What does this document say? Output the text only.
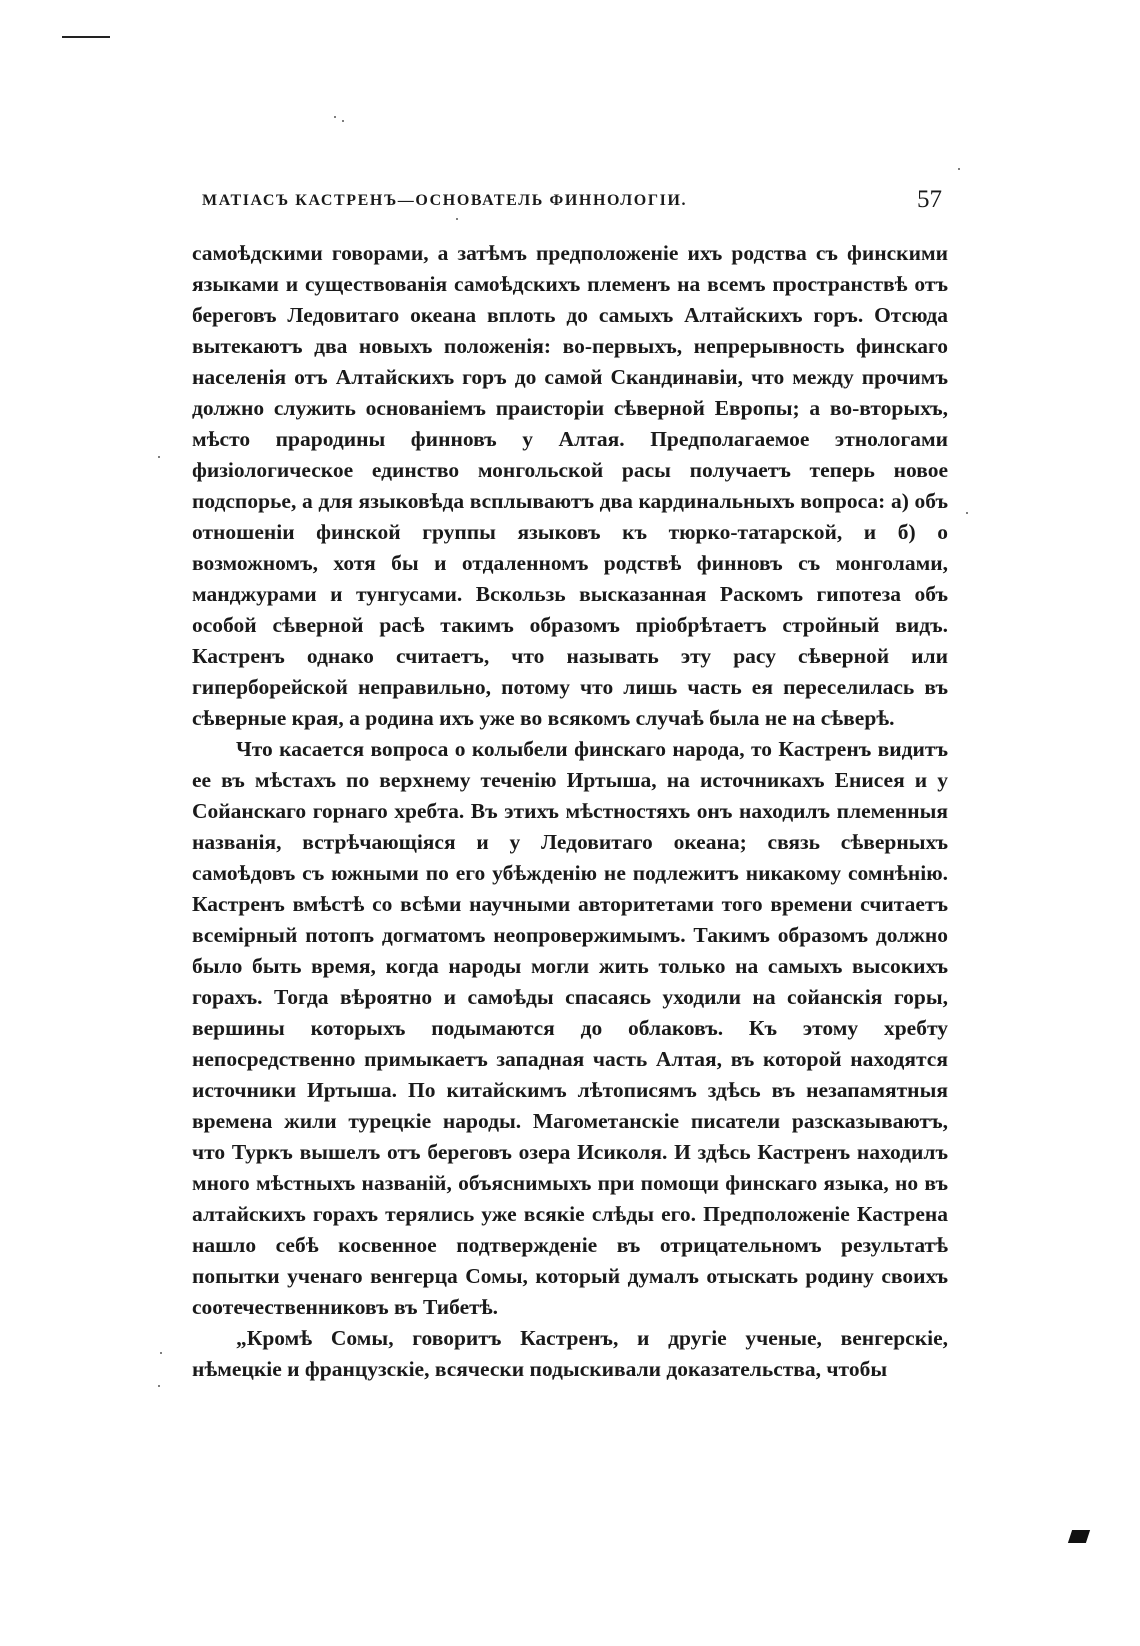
МАТІАСЪ КАСТРЕНЪ—ОСНОВАТЕЛЬ ФИННОЛОГІИ.	57

самоѣдскими говорами, а затѣмъ предположеніе ихъ родства съ финскими языками и существованія самоѣдскихъ племенъ на всемъ пространствѣ отъ береговъ Ледовитаго океана вплоть до самыхъ Алтайскихъ горъ. Отсюда вытекаютъ два новыхъ положенія: во-первыхъ, непрерывность финскаго населенія отъ Алтайскихъ горъ до самой Скандинавіи, что между прочимъ должно служить основаніемъ праисторіи сѣверной Европы; а во-вторыхъ, мѣсто прародины финновъ у Алтая. Предполагаемое этнологами физіологическое единство монгольской расы получаетъ теперь новое подспорье, а для языковѣда всплываютъ два кардинальныхъ вопроса: а) объ отношеніи финской группы языковъ къ тюрко-татарской, и б) о возможномъ, хотя бы и отдаленномъ родствѣ финновъ съ монголами, манджурами и тунгусами. Вскользь высказанная Раскомъ гипотеза объ особой сѣверной расѣ такимъ образомъ пріобрѣтаетъ стройный видъ. Кастренъ однако считаетъ, что называть эту расу сѣверной или гиперборейской неправильно, потому что лишь часть ея переселилась въ сѣверные края, а родина ихъ уже во всякомъ случаѣ была не на сѣверѣ.

Что касается вопроса о колыбели финскаго народа, то Кастренъ видитъ ее въ мѣстахъ по верхнему теченію Иртыша, на источникахъ Енисея и у Сойанскаго горнаго хребта. Въ этихъ мѣстностяхъ онъ находилъ племенныя названія, встрѣчающіяся и у Ледовитаго океана; связь сѣверныхъ самоѣдовъ съ южными по его убѣжденію не подлежитъ никакому сомнѣнію. Кастренъ вмѣстѣ со всѣми научными авторитетами того времени считаетъ всемірный потопъ догматомъ неопровержимымъ. Такимъ образомъ должно было быть время, когда народы могли жить только на самыхъ высокихъ горахъ. Тогда вѣроятно и самоѣды спасаясь уходили на сойанскія горы, вершины которыхъ подымаются до облаковъ. Къ этому хребту непосредственно примыкаетъ западная часть Алтая, въ которой находятся источники Иртыша. По китайскимъ лѣтописямъ здѣсь въ незапамятныя времена жили турецкіе народы. Магометанскіе писатели разсказываютъ, что Туркъ вышелъ отъ береговъ озера Исиколя. И здѣсь Кастренъ находилъ много мѣстныхъ названій, объяснимыхъ при помощи финскаго языка, но въ алтайскихъ горахъ терялись уже всякіе слѣды его. Предположеніе Кастрена нашло себѣ косвенное подтвержденіе въ отрицательномъ результатѣ попытки ученаго венгерца Сомы, который думалъ отыскать родину своихъ соотечественниковъ въ Тибетѣ.

„Кромѣ Сомы, говоритъ Кастренъ, и другіе ученые, венгерскіе, нѣмецкіе и французскіе, всячески подыскивали доказательства, чтобы
